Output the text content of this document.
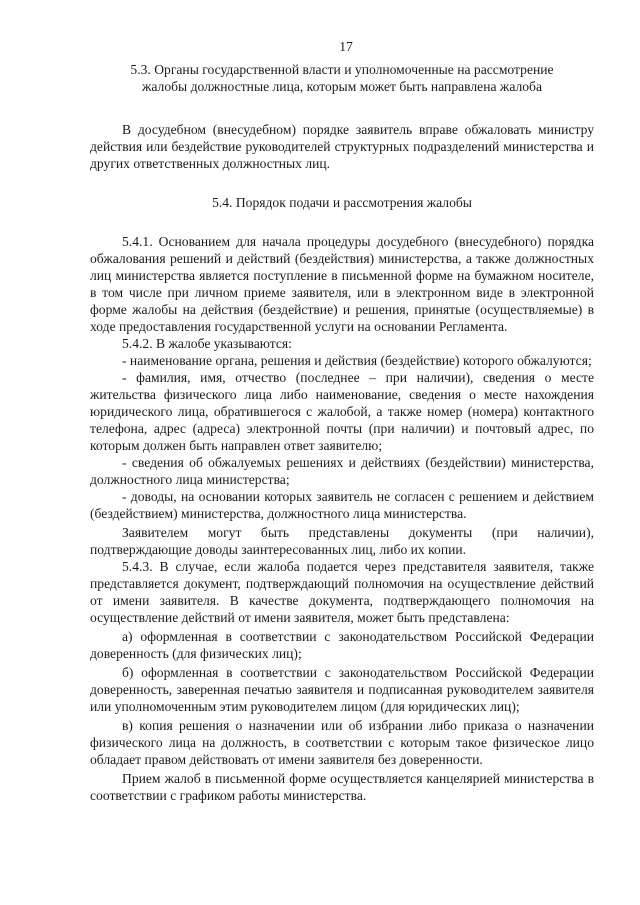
17
5.3. Органы государственной власти и уполномоченные на рассмотрение
жалобы должностные лица, которым может быть направлена жалоба

В досудебном (внесудебном) порядке заявитель вправе обжаловать министру действия или бездействие руководителей структурных подразделений министерства и других ответственных должностных лиц.

5.4. Порядок подачи и рассмотрения жалобы

5.4.1. Основанием для начала процедуры досудебного (внесудебного) порядка обжалования решений и действий (бездействия) министерства, а также должностных лиц министерства является поступление в письменной форме на бумажном носителе, в том числе при личном приеме заявителя, или в электронном виде в электронной форме жалобы на действия (бездействие) и решения, принятые (осуществляемые) в ходе предоставления государственной услуги на основании Регламента.

5.4.2. В жалобе указываются:

- наименование органа, решения и действия (бездействие) которого обжалуются;

- фамилия, имя, отчество (последнее – при наличии), сведения о месте жительства физического лица либо наименование, сведения о месте нахождения юридического лица, обратившегося с жалобой, а также номер (номера) контактного телефона, адрес (адреса) электронной почты (при наличии) и почтовый адрес, по которым должен быть направлен ответ заявителю;

- сведения об обжалуемых решениях и действиях (бездействии) министерства, должностного лица министерства;

- доводы, на основании которых заявитель не согласен с решением и действием (бездействием) министерства, должностного лица министерства.

Заявителем могут быть представлены документы (при наличии), подтверждающие доводы заинтересованных лиц, либо их копии.

5.4.3. В случае, если жалоба подается через представителя заявителя, также представляется документ, подтверждающий полномочия на осуществление действий от имени заявителя. В качестве документа, подтверждающего полномочия на осуществление действий от имени заявителя, может быть представлена:

а) оформленная в соответствии с законодательством Российской Федерации доверенность (для физических лиц);

б) оформленная в соответствии с законодательством Российской Федерации доверенность, заверенная печатью заявителя и подписанная руководителем заявителя или уполномоченным этим руководителем лицом (для юридических лиц);

в) копия решения о назначении или об избрании либо приказа о назначении физического лица на должность, в соответствии с которым такое физическое лицо обладает правом действовать от имени заявителя без доверенности.

Прием жалоб в письменной форме осуществляется канцелярией министерства в соответствии с графиком работы министерства.
